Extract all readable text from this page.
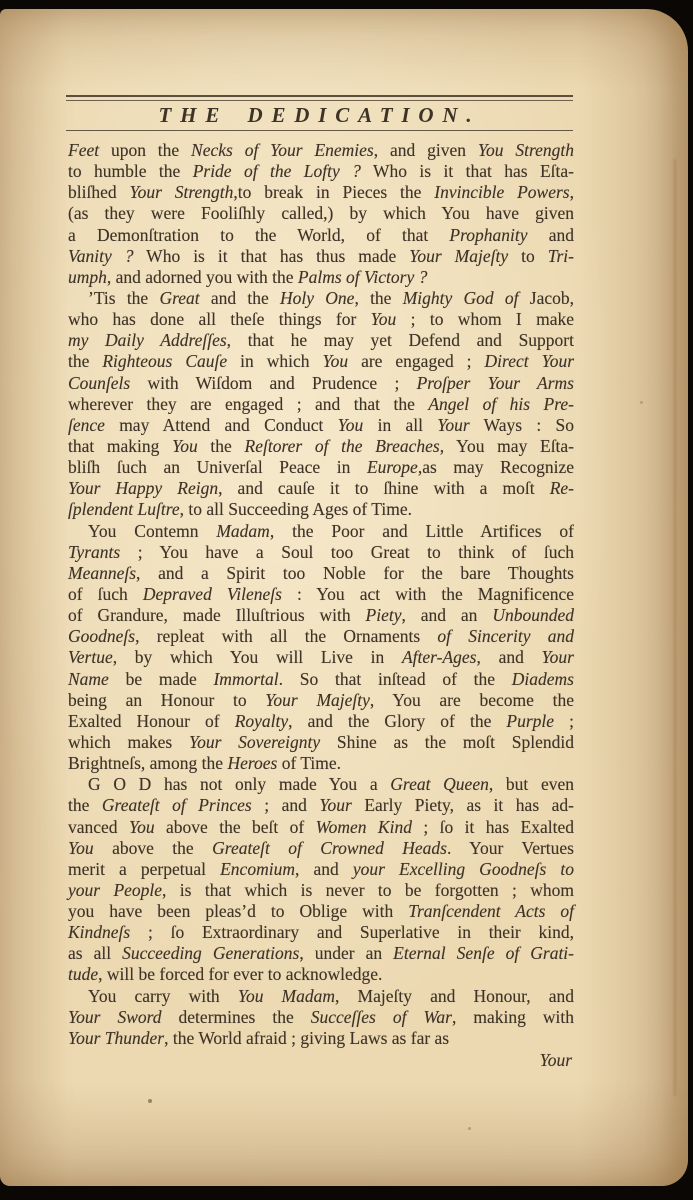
THE DEDICATION.
Feet upon the Necks of Your Enemies, and given You Strength
to humble the Pride of the Lofty ? Who is it that has Eſta-
bliſhed Your Strength,to break in Pieces the Invincible Powers,
(as they were Fooliſhly called,) by which You have given
a Demonſtration to the World, of that Prophanity and
Vanity ? Who is it that has thus made Your Majeſty to Tri-
umph, and adorned you with the Palms of Victory ?
’Tis the Great and the Holy One, the Mighty God of Jacob,
who has done all theſe things for You ; to whom I make
my Daily Addreſſes, that he may yet Defend and Support
the Righteous Cauſe in which You are engaged ; Direct Your
Counſels with Wiſdom and Prudence ; Proſper Your Arms
wherever they are engaged ; and that the Angel of his Pre-
ſence may Attend and Conduct You in all Your Ways : So
that making You the Reſtorer of the Breaches, You may Eſta-
bliſh ſuch an Univerſal Peace in Europe,as may Recognize
Your Happy Reign, and cauſe it to ſhine with a moſt Re-
ſplendent Luſtre, to all Succeeding Ages of Time.
You Contemn Madam, the Poor and Little Artifices of
Tyrants ; You have a Soul too Great to think of ſuch
Meanneſs, and a Spirit too Noble for the bare Thoughts
of ſuch Depraved Vileneſs : You act with the Magnificence
of Grandure, made Illuſtrious with Piety, and an Unbounded
Goodneſs, repleat with all the Ornaments of Sincerity and
Vertue, by which You will Live in After-Ages, and Your
Name be made Immortal. So that inſtead of the Diadems
being an Honour to Your Majeſty, You are become the
Exalted Honour of Royalty, and the Glory of the Purple ;
which makes Your Sovereignty Shine as the moſt Splendid
Brightneſs, among the Heroes of Time.
G O D has not only made You a Great Queen, but even
the Greateſt of Princes ; and Your Early Piety, as it has ad-
vanced You above the beſt of Women Kind ; ſo it has Exalted
You above the Greateſt of Crowned Heads. Your Vertues
merit a perpetual Encomium, and your Excelling Goodneſs to
your People, is that which is never to be forgotten ; whom
you have been pleas’d to Oblige with Tranſcendent Acts of
Kindneſs ; ſo Extraordinary and Superlative in their kind,
as all Succeeding Generations, under an Eternal Senſe of Grati-
tude, will be forced for ever to acknowledge.
You carry with You Madam, Majeſty and Honour, and
Your Sword determines the Succeſſes of War, making with
Your Thunder, the World afraid ; giving Laws as far as
Your
